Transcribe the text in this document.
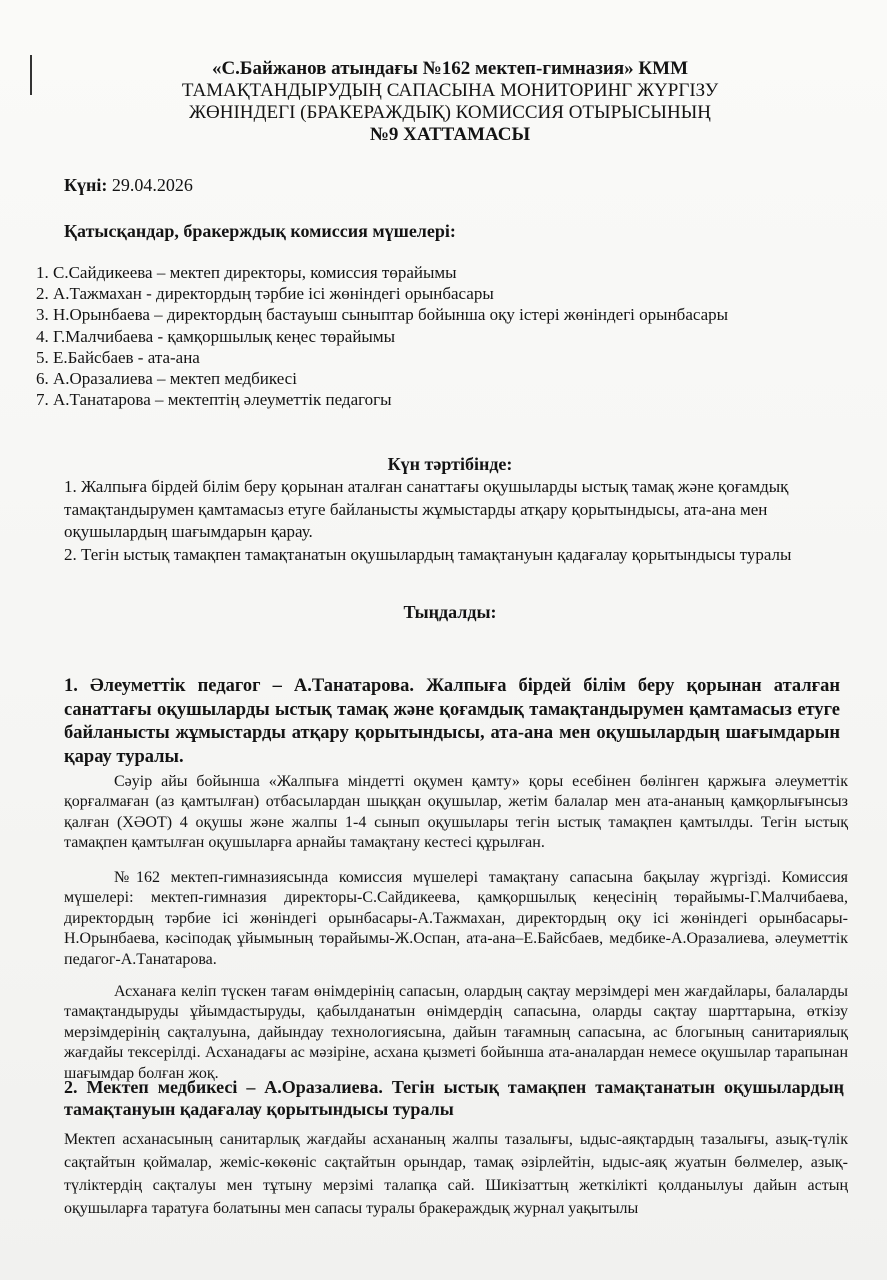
«С.Байжанов атындағы №162 мектеп-гимназия» КММ
ТАМАҚТАНДЫРУДЫҢ САПАСЫНА МОНИТОРИНГ ЖҮРГІЗУ
ЖӨНІНДЕГІ (БРАКЕРАЖДЫҚ) КОМИССИЯ ОТЫРЫСЫНЫҢ
№9 ХАТТАМАСЫ
Күні: 29.04.2026
Қатысқандар, бракерждық комиссия мүшелері:
1. С.Сайдикеева – мектеп директоры, комиссия төрайымы
2. А.Тажмахан - директордың тәрбие ісі жөніндегі орынбасары
3. Н.Орынбаева – директордың бастауыш сыныптар бойынша оқу істері жөніндегі орынбасары
4. Г.Малчибаева - қамқоршылық кеңес төрайымы
5. Е.Байсбаев - ата-ана
6. А.Оразалиева – мектеп медбикесі
7. А.Танатарова – мектептің әлеуметтік педагогы
Күн тәртібінде:

1. Жалпыға бірдей білім беру қорынан аталған санаттағы оқушыларды ыстық тамақ және қоғамдық тамақтандырумен қамтамасыз етуге байланысты жұмыстарды атқару қорытындысы, ата-ана мен оқушылардың шағымдарын қарау.

2. Тегін ыстық тамақпен тамақтанатын оқушылардың тамақтануын қадағалау қорытындысы туралы

Тыңдалды:
1. Әлеуметтік педагог – А.Танатарова. Жалпыға бірдей білім беру қорынан аталған санаттағы оқушыларды ыстық тамақ және қоғамдық тамақтандырумен қамтамасыз етуге байланысты жұмыстарды атқару қорытындысы, ата-ана мен оқушылардың шағымдарын қарау туралы.

Сәуір айы бойынша «Жалпыға міндетті оқумен қамту» қоры есебінен бөлінген қаржыға әлеуметтік қорғалмаған (аз қамтылған) отбасылардан шыққан оқушылар, жетім балалар мен ата-ананың қамқорлығынсыз қалған (ХӘОТ) 4 оқушы және жалпы 1-4 сынып оқушылары тегін ыстық тамақпен қамтылды. Тегін ыстық тамақпен қамтылған оқушыларға арнайы тамақтану кестесі құрылған.

№162 мектеп-гимназиясында комиссия мүшелері тамақтану сапасына бақылау жүргізді. Комиссия мүшелері: мектеп-гимназия директоры-С.Сайдикеева, қамқоршылық кеңесінің төрайымы-Г.Малчибаева, директордың тәрбие ісі жөніндегі орынбасары-А.Тажмахан, директордың оқу ісі жөніндегі орынбасары-Н.Орынбаева, кәсіподақ ұйымының төрайымы-Ж.Оспан, ата-ана–Е.Байсбаев, медбике-А.Оразалиева, әлеуметтік педагог-А.Танатарова.

Асханаға келіп түскен тағам өнімдерінің сапасын, олардың сақтау мерзімдері мен жағдайлары, балаларды тамақтандыруды ұйымдастыруды, қабылданатын өнімдердің сапасына, оларды сақтау шарттарына, өткізу мерзімдерінің сақталуына, дайындау технологиясына, дайын тағамның сапасына, ас блогының санитариялық жағдайы тексерілді. Асханадағы ас мәзіріне, асхана қызметі бойынша ата-аналардан немесе оқушылар тарапынан шағымдар болған жоқ.

2. Мектеп медбикесі – А.Оразалиева. Тегін ыстық тамақпен тамақтанатын оқушылардың тамақтануын қадағалау қорытындысы туралы

Мектеп асханасының санитарлық жағдайы асхананың жалпы тазалығы, ыдыс-аяқтардың тазалығы, азық-түлік сақтайтын қоймалар, жеміс-көкөніс сақтайтын орындар, тамақ әзірлейтін, ыдыс-аяқ жуатын бөлмелер, азық-түліктердің сақталуы мен тұтыну мерзімі талапқа сай. Шикізаттың жеткілікті қолданылуы дайын астың оқушыларға таратуға болатыны мен сапасы туралы бракераждық журнал уақытылы
